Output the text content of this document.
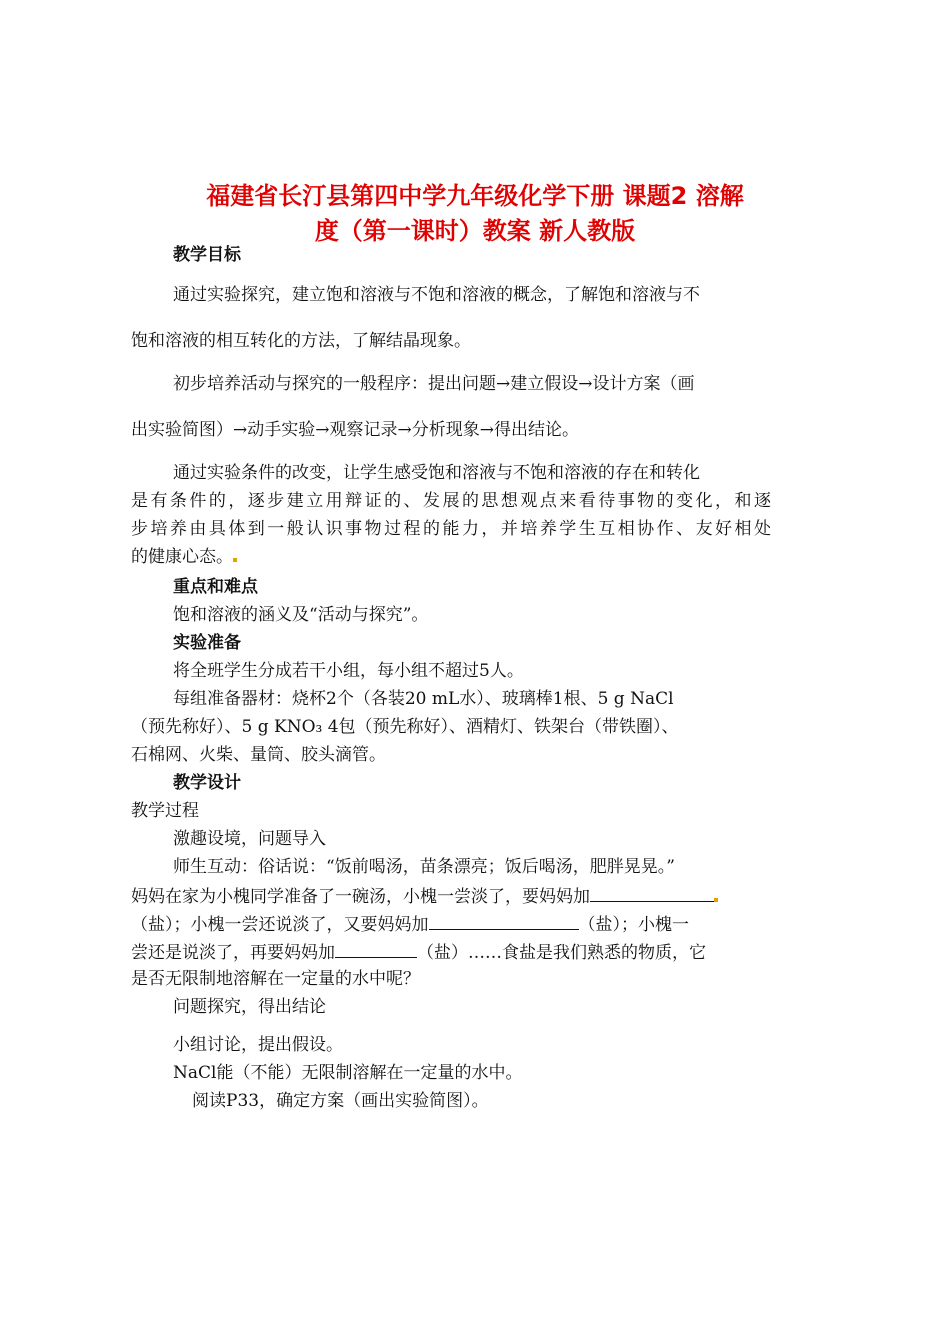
福建省长汀县第四中学九年级化学下册 课题2 溶解
度（第一课时）教案 新人教版
教学目标
通过实验探究，建立饱和溶液与不饱和溶液的概念，了解饱和溶液与不
饱和溶液的相互转化的方法，了解结晶现象。
初步培养活动与探究的一般程序：提出问题→建立假设→设计方案（画
出实验简图）→动手实验→观察记录→分析现象→得出结论。
通过实验条件的改变，让学生感受饱和溶液与不饱和溶液的存在和转化
是有条件的，逐步建立用辩证的、发展的思想观点来看待事物的变化，和逐
步培养由具体到一般认识事物过程的能力，并培养学生互相协作、友好相处
的健康心态。
重点和难点
饱和溶液的涵义及“活动与探究”。
实验准备
将全班学生分成若干小组，每小组不超过5人。
每组准备器材：烧杯2个（各装20 mL水）、玻璃棒1根、5 g NaCl
（预先称好）、5 g KNO₃ 4包（预先称好）、酒精灯、铁架台（带铁圈）、
石棉网、火柴、量筒、胶头滴管。
教学设计
教学过程
激趣设境，问题导入
师生互动：俗话说：“饭前喝汤，苗条漂亮；饭后喝汤，肥胖晃晃。”
妈妈在家为小槐同学准备了一碗汤，小槐一尝淡了，要妈妈加
（盐）；小槐一尝还说淡了，又要妈妈加	（盐）；小槐一
尝还是说淡了，再要妈妈加	（盐）……食盐是我们熟悉的物质，它
是否无限制地溶解在一定量的水中呢？
问题探究，得出结论
小组讨论，提出假设。
NaCl能（不能）无限制溶解在一定量的水中。
阅读P33，确定方案（画出实验简图）。
